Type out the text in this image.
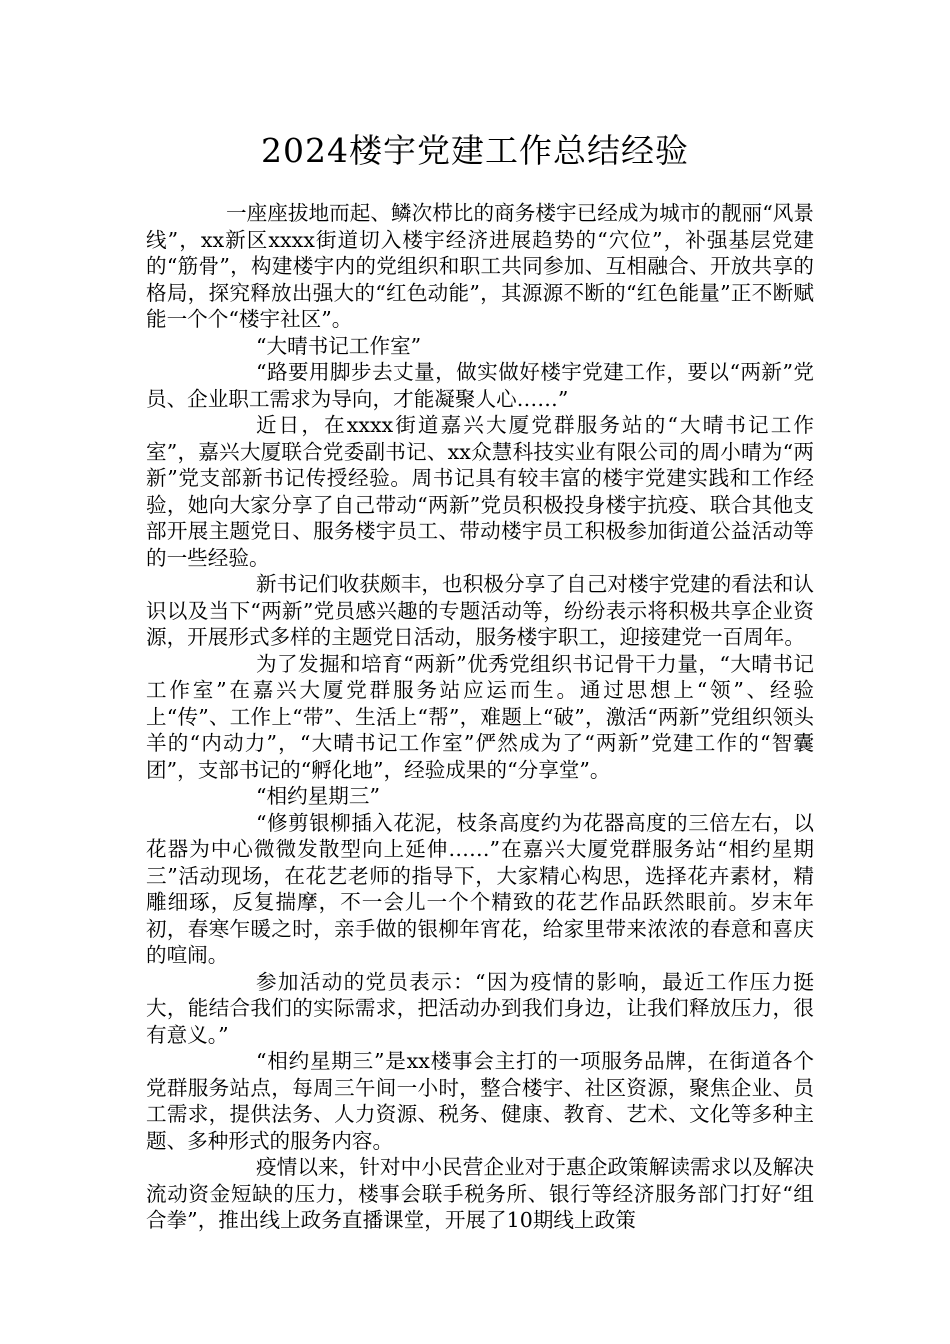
2024楼宇党建工作总结经验

一座座拔地而起、鳞次栉比的商务楼宇已经成为城市的靓丽“风景线”，xx新区xxxx街道切入楼宇经济进展趋势的“穴位”，补强基层党建的“筋骨”，构建楼宇内的党组织和职工共同参加、互相融合、开放共享的格局，探究释放出强大的“红色动能”，其源源不断的“红色能量”正不断赋能一个个“楼宇社区”。

“大晴书记工作室”

“路要用脚步去丈量，做实做好楼宇党建工作，要以“两新”党员、企业职工需求为导向，才能凝聚人心……”

近日，在xxxx街道嘉兴大厦党群服务站的“大晴书记工作室”，嘉兴大厦联合党委副书记、xx众慧科技实业有限公司的周小晴为“两新”党支部新书记传授经验。周书记具有较丰富的楼宇党建实践和工作经验，她向大家分享了自己带动“两新”党员积极投身楼宇抗疫、联合其他支部开展主题党日、服务楼宇员工、带动楼宇员工积极参加街道公益活动等的一些经验。

新书记们收获颇丰，也积极分享了自己对楼宇党建的看法和认识以及当下“两新”党员感兴趣的专题活动等，纷纷表示将积极共享企业资源，开展形式多样的主题党日活动，服务楼宇职工，迎接建党一百周年。

为了发掘和培育“两新”优秀党组织书记骨干力量，“大晴书记工作室”在嘉兴大厦党群服务站应运而生。通过思想上“领”、经验上“传”、工作上“带”、生活上“帮”，难题上“破”，激活“两新”党组织领头羊的“内动力”，“大晴书记工作室”俨然成为了“两新”党建工作的“智囊团”，支部书记的“孵化地”，经验成果的“分享堂”。

“相约星期三”

“修剪银柳插入花泥，枝条高度约为花器高度的三倍左右，以花器为中心微微发散型向上延伸……”在嘉兴大厦党群服务站“相约星期三”活动现场，在花艺老师的指导下，大家精心构思，选择花卉素材，精雕细琢，反复揣摩，不一会儿一个个精致的花艺作品跃然眼前。岁末年初，春寒乍暖之时，亲手做的银柳年宵花，给家里带来浓浓的春意和喜庆的喧闹。

参加活动的党员表示：“因为疫情的影响，最近工作压力挺大，能结合我们的实际需求，把活动办到我们身边，让我们释放压力，很有意义。”

“相约星期三”是xx楼事会主打的一项服务品牌，在街道各个党群服务站点，每周三午间一小时，整合楼宇、社区资源，聚焦企业、员工需求，提供法务、人力资源、税务、健康、教育、艺术、文化等多种主题、多种形式的服务内容。

疫情以来，针对中小民营企业对于惠企政策解读需求以及解决流动资金短缺的压力，楼事会联手税务所、银行等经济服务部门打好“组合拳”，推出线上政务直播课堂，开展了10期线上政策
